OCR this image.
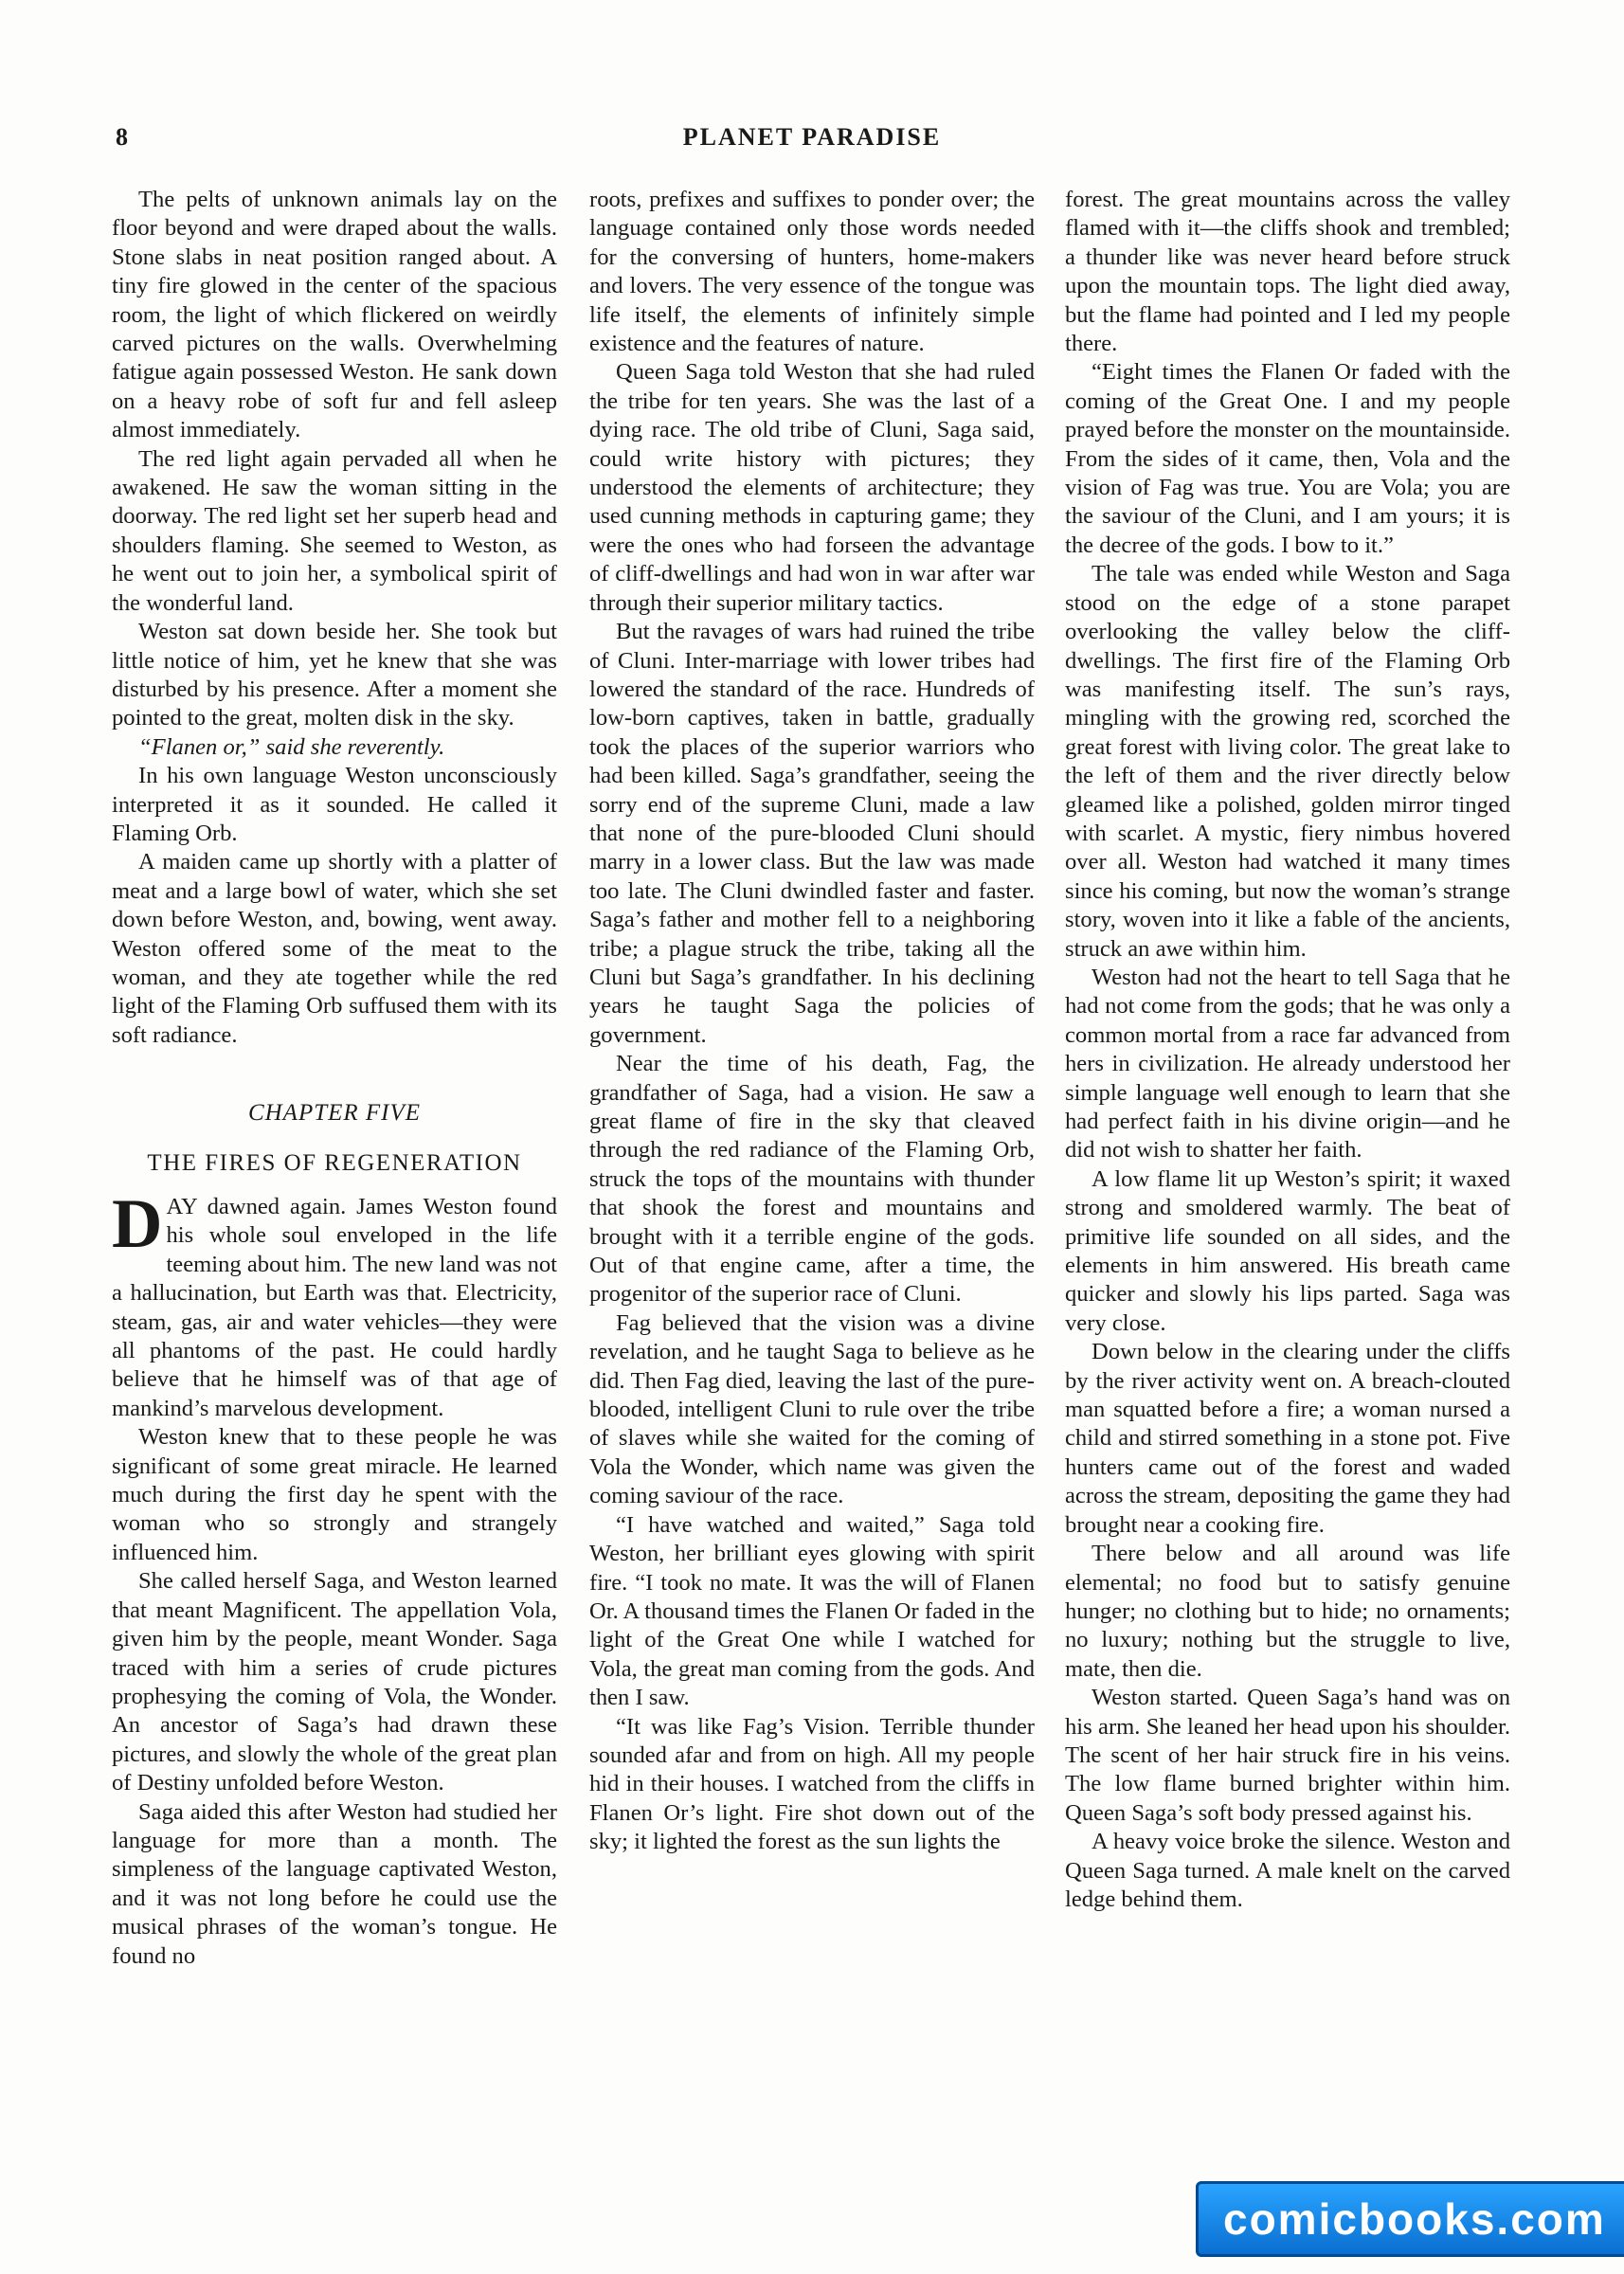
8	PLANET PARADISE

The pelts of unknown animals lay on the floor beyond and were draped about the walls. Stone slabs in neat position ranged about. A tiny fire glowed in the center of the spacious room, the light of which flickered on weirdly carved pictures on the walls. Overwhelming fatigue again possessed Weston. He sank down on a heavy robe of soft fur and fell asleep almost immediately.

The red light again pervaded all when he awakened. He saw the woman sitting in the doorway. The red light set her superb head and shoulders flaming. She seemed to Weston, as he went out to join her, a symbolical spirit of the wonderful land.

Weston sat down beside her. She took but little notice of him, yet he knew that she was disturbed by his presence. After a moment she pointed to the great, molten disk in the sky.

“Flanen or,” said she reverently.

In his own language Weston unconsciously interpreted it as it sounded. He called it Flaming Orb.

A maiden came up shortly with a platter of meat and a large bowl of water, which she set down before Weston, and, bowing, went away. Weston offered some of the meat to the woman, and they ate together while the red light of the Flaming Orb suffused them with its soft radiance.

CHAPTER FIVE
THE FIRES OF REGENERATION

DAY dawned again. James Weston found his whole soul enveloped in the life teeming about him. The new land was not a hallucination, but Earth was that. Electricity, steam, gas, air and water vehicles—they were all phantoms of the past. He could hardly believe that he himself was of that age of mankind’s marvelous development.

Weston knew that to these people he was significant of some great miracle. He learned much during the first day he spent with the woman who so strongly and strangely influenced him.

She called herself Saga, and Weston learned that meant Magnificent. The appellation Vola, given him by the people, meant Wonder. Saga traced with him a series of crude pictures prophesying the coming of Vola, the Wonder. An ancestor of Saga’s had drawn these pictures, and slowly the whole of the great plan of Destiny unfolded before Weston.

Saga aided this after Weston had studied her language for more than a month. The simpleness of the language captivated Weston, and it was not long before he could use the musical phrases of the woman’s tongue. He found no

roots, prefixes and suffixes to ponder over; the language contained only those words needed for the conversing of hunters, home-makers and lovers. The very essence of the tongue was life itself, the elements of infinitely simple existence and the features of nature.

Queen Saga told Weston that she had ruled the tribe for ten years. She was the last of a dying race. The old tribe of Cluni, Saga said, could write history with pictures; they understood the elements of architecture; they used cunning methods in capturing game; they were the ones who had forseen the advantage of cliff-dwellings and had won in war after war through their superior military tactics.

But the ravages of wars had ruined the tribe of Cluni. Inter-marriage with lower tribes had lowered the standard of the race. Hundreds of low-born captives, taken in battle, gradually took the places of the superior warriors who had been killed. Saga’s grandfather, seeing the sorry end of the supreme Cluni, made a law that none of the pure-blooded Cluni should marry in a lower class. But the law was made too late. The Cluni dwindled faster and faster. Saga’s father and mother fell to a neighboring tribe; a plague struck the tribe, taking all the Cluni but Saga’s grandfather. In his declining years he taught Saga the policies of government.

Near the time of his death, Fag, the grandfather of Saga, had a vision. He saw a great flame of fire in the sky that cleaved through the red radiance of the Flaming Orb, struck the tops of the mountains with thunder that shook the forest and mountains and brought with it a terrible engine of the gods. Out of that engine came, after a time, the progenitor of the superior race of Cluni.

Fag believed that the vision was a divine revelation, and he taught Saga to believe as he did. Then Fag died, leaving the last of the pure-blooded, intelligent Cluni to rule over the tribe of slaves while she waited for the coming of Vola the Wonder, which name was given the coming saviour of the race.

“I have watched and waited,” Saga told Weston, her brilliant eyes glowing with spirit fire. “I took no mate. It was the will of Flanen Or. A thousand times the Flanen Or faded in the light of the Great One while I watched for Vola, the great man coming from the gods. And then I saw.

“It was like Fag’s Vision. Terrible thunder sounded afar and from on high. All my people hid in their houses. I watched from the cliffs in Flanen Or’s light. Fire shot down out of the sky; it lighted the forest as the sun lights the

forest. The great mountains across the valley flamed with it—the cliffs shook and trembled; a thunder like was never heard before struck upon the mountain tops. The light died away, but the flame had pointed and I led my people there.

“Eight times the Flanen Or faded with the coming of the Great One. I and my people prayed before the monster on the mountainside. From the sides of it came, then, Vola and the vision of Fag was true. You are Vola; you are the saviour of the Cluni, and I am yours; it is the decree of the gods. I bow to it.”

The tale was ended while Weston and Saga stood on the edge of a stone parapet overlooking the valley below the cliff-dwellings. The first fire of the Flaming Orb was manifesting itself. The sun’s rays, mingling with the growing red, scorched the great forest with living color. The great lake to the left of them and the river directly below gleamed like a polished, golden mirror tinged with scarlet. A mystic, fiery nimbus hovered over all. Weston had watched it many times since his coming, but now the woman’s strange story, woven into it like a fable of the ancients, struck an awe within him.

Weston had not the heart to tell Saga that he had not come from the gods; that he was only a common mortal from a race far advanced from hers in civilization. He already understood her simple language well enough to learn that she had perfect faith in his divine origin—and he did not wish to shatter her faith.

A low flame lit up Weston’s spirit; it waxed strong and smoldered warmly. The beat of primitive life sounded on all sides, and the elements in him answered. His breath came quicker and slowly his lips parted. Saga was very close.

Down below in the clearing under the cliffs by the river activity went on. A breach-clouted man squatted before a fire; a woman nursed a child and stirred something in a stone pot. Five hunters came out of the forest and waded across the stream, depositing the game they had brought near a cooking fire.

There below and all around was life elemental; no food but to satisfy genuine hunger; no clothing but to hide; no ornaments; no luxury; nothing but the struggle to live, mate, then die.

Weston started. Queen Saga’s hand was on his arm. She leaned her head upon his shoulder. The scent of her hair struck fire in his veins. The low flame burned brighter within him. Queen Saga’s soft body pressed against his.

A heavy voice broke the silence. Weston and Queen Saga turned. A male knelt on the carved ledge behind them.

comicbooks.com
